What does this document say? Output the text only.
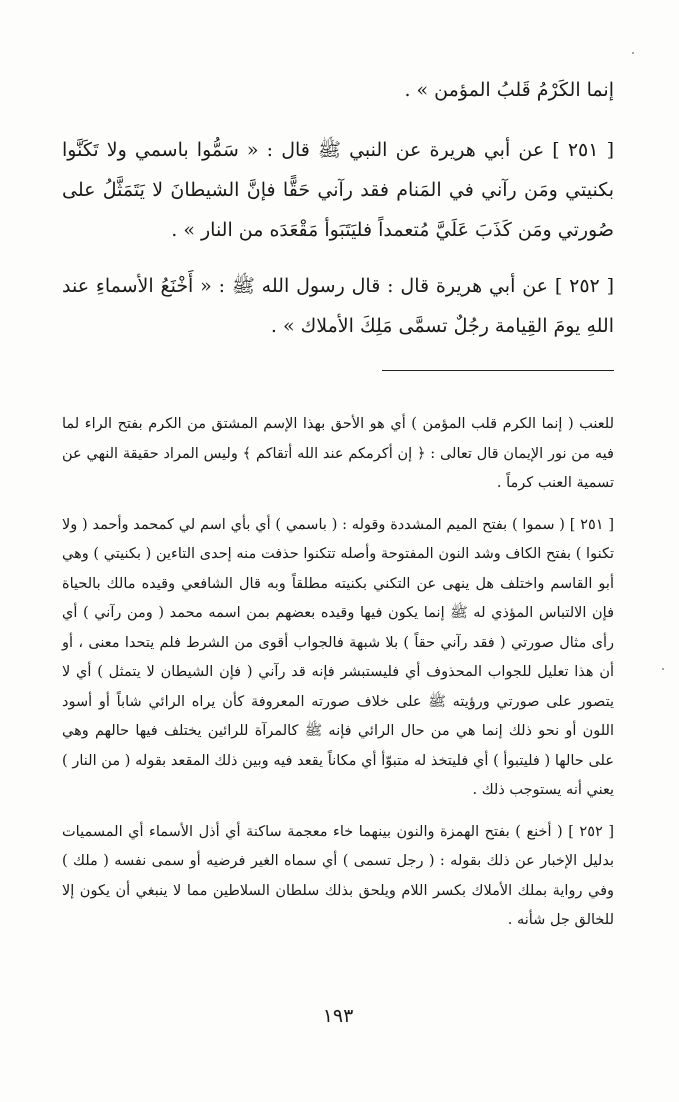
إنما الكَرْمُ قَلبُ المؤمن » .

[ ٢٥١ ] عن أبي هريرة عن النبي ﷺ قال : « سَمُّوا باسمي ولا تَكَنَّوا بكنيتي ومَن رآني في المَنام فقد رآني حَقًّا فإنَّ الشيطانَ لا يَتَمَثَّلُ على صُورتي ومَن كَذَبَ عَلَيَّ مُتعمداً فليَتَبَوأ مَقْعَدَه من النار » .

[ ٢٥٢ ] عن أبي هريرة قال : قال رسول الله ﷺ : « أَخْنَعُ الأسماءِ عند اللهِ يومَ القِيامة رجُلٌ تسمَّى مَلِكَ الأملاك » .

للعنب ( إنما الكرم قلب المؤمن ) أي هو الأحق بهذا الإسم المشتق من الكرم بفتح الراء لما فيه من نور الإيمان قال تعالى : ﴿ إن أكرمكم عند الله أتقاكم ﴾ وليس المراد حقيقة النهي عن تسمية العنب كرماً .

[ ٢٥١ ] ( سموا ) بفتح الميم المشددة وقوله : ( باسمي ) أي بأي اسم لي كمحمد وأحمد ( ولا تكنوا ) بفتح الكاف وشد النون المفتوحة وأصله تتكنوا حذفت منه إحدى التاءين ( بكنيتي ) وهي أبو القاسم واختلف هل ينهى عن التكني بكنيته مطلقاً وبه قال الشافعي وقيده مالك بالحياة فإن الالتباس المؤذي له ﷺ إنما يكون فيها وقيده بعضهم بمن اسمه محمد ( ومن رآني ) أي رأى مثال صورتي ( فقد رآني حقاً ) بلا شبهة فالجواب أقوى من الشرط فلم يتحدا معنى ، أو أن هذا تعليل للجواب المحذوف أي فليستبشر فإنه قد رآني ( فإن الشيطان لا يتمثل ) أي لا يتصور على صورتي ورؤيته ﷺ على خلاف صورته المعروفة كأن يراه الرائي شاباً أو أسود اللون أو نحو ذلك إنما هي من حال الرائي فإنه ﷺ كالمرآة للرائين يختلف فيها حالهم وهي على حالها ( فليتبوأ ) أي فليتخذ له متبوّأ أي مكاناً يقعد فيه وبين ذلك المقعد بقوله ( من النار ) يعني أنه يستوجب ذلك .

[ ٢٥٢ ] ( أخنع ) بفتح الهمزة والنون بينهما خاء معجمة ساكنة أي أذل الأسماء أي المسميات بدليل الإخبار عن ذلك بقوله : ( رجل تسمى ) أي سماه الغير فرضيه أو سمى نفسه ( ملك ) وفي رواية بملك الأملاك بكسر اللام ويلحق بذلك سلطان السلاطين مما لا ينبغي أن يكون إلا للخالق جل شأنه .

١٩٣
